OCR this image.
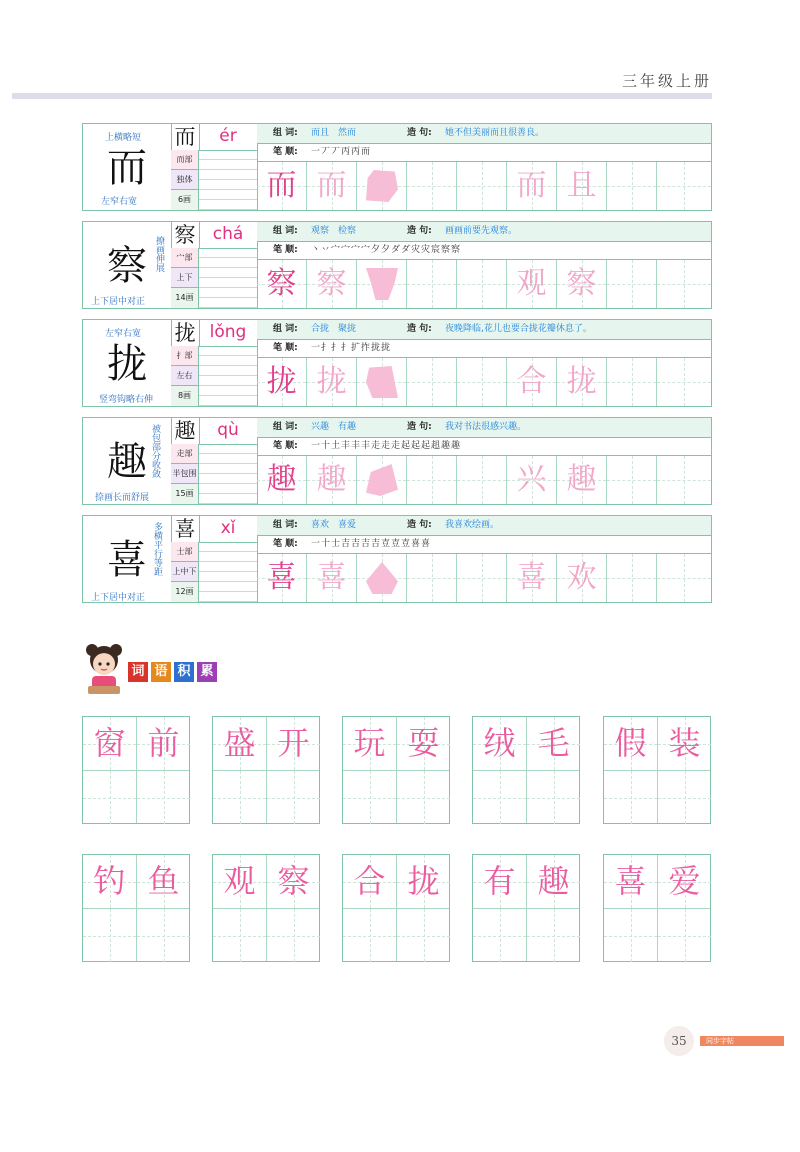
三年级上册
上横略短
而
左窄右宽
而	ér
而部
独体
6画
组 词: 而且　然而	造 句: 她不但美丽而且很善良。
笔 顺: 一丆丆丙丙而
而 而	而 且
撩画伸展
察
上下居中对正
察	chá
宀部
上下
14画
组 词: 观察　检察	造 句: 画画前要先观察。
笔 顺: 丶丷宀宀宀宀夕夕ダダ灾灾宸察察
察 察	观 察
左窄右宽
拢
竖弯钩略右伸
拢 lǒng
扌部
左右
8画
组 词: 合拢　聚拢	造 句: 夜晚降临,花儿也要合拢花瓣休息了。
笔 顺: 一扌扌扌扩拃拢拢
拢 拢	合 拢
被包部分收敛
趣
捺画长而舒展
趣	qù
走部
半包围
15画
组 词: 兴趣　有趣	造 句: 我对书法很感兴趣。
笔 顺: 一十土丰丰丰走走走起起起趄趣趣
趣 趣	兴 趣
多横平行等距
喜
上下居中对正
喜	xǐ
士部
上中下
12画
组 词: 喜欢　喜爱	造 句: 我喜欢绘画。
笔 顺: 一十士吉吉吉吉壴壴壴喜喜
喜 喜	喜 欢
词 语 积 累
窗 前	盛 开	玩 耍	绒 毛	假 装
钓 鱼	观 察	合 拢	有 趣	喜 爱
35	同步字帖
